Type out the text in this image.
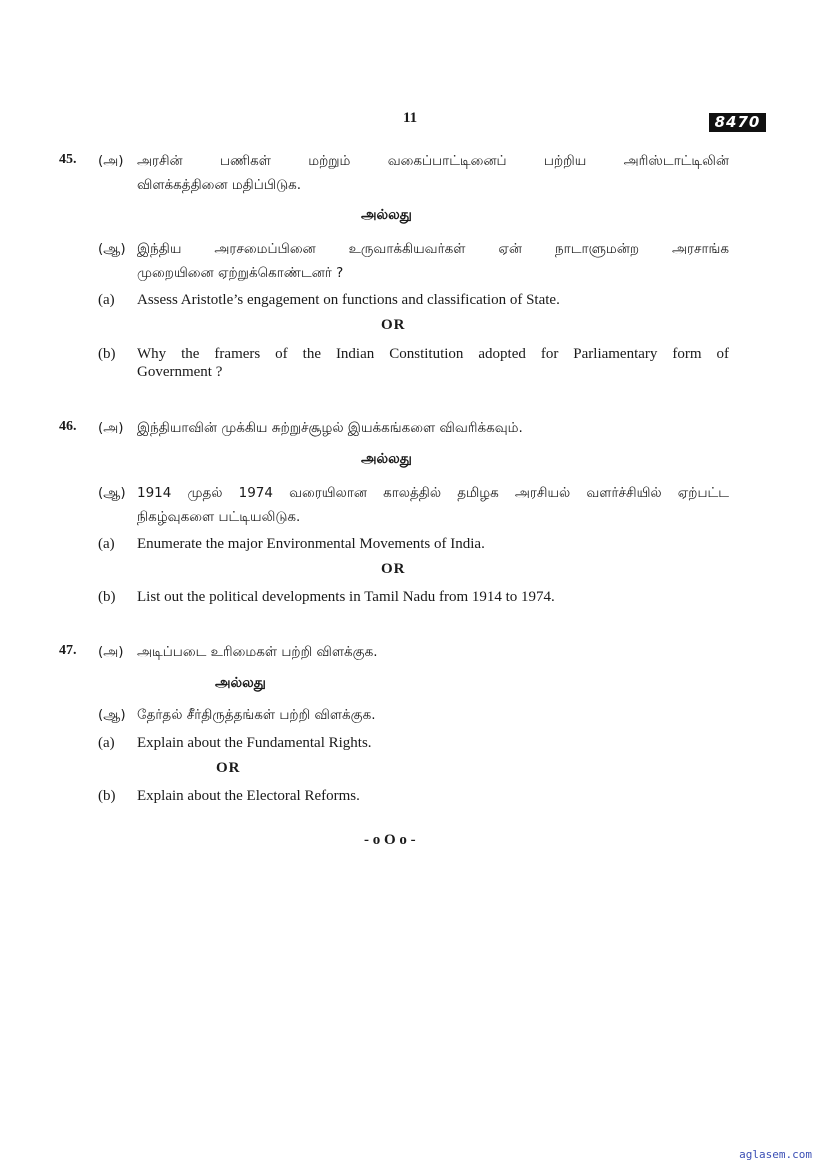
11	8470
45. (அ) அரசின் பணிகள் மற்றும் வகைப்பாட்டினைப் பற்றிய அரிஸ்டாட்டிலின்
விளக்கத்தினை மதிப்பிடுக.
அல்லது
(ஆ) இந்திய அரசமைப்பினை உருவாக்கியவர்கள் ஏன் நாடாளுமன்ற அரசாங்க
முறையினை ஏற்றுக்கொண்டனர் ?
(a) Assess Aristotle’s engagement on functions and classification of State.
OR
(b) Why the framers of the Indian Constitution adopted for Parliamentary form of
Government ?
46. (அ) இந்தியாவின் முக்கிய சுற்றுச்சூழல் இயக்கங்களை விவரிக்கவும்.
அல்லது
(ஆ) 1914 முதல் 1974 வரையிலான காலத்தில் தமிழக அரசியல் வளர்ச்சியில் ஏற்பட்ட
நிகழ்வுகளை பட்டியலிடுக.
(a) Enumerate the major Environmental Movements of India.
OR
(b) List out the political developments in Tamil Nadu from 1914 to 1974.
47. (அ) அடிப்படை உரிமைகள் பற்றி விளக்குக.
அல்லது
(ஆ) தேர்தல் சீர்திருத்தங்கள் பற்றி விளக்குக.
(a) Explain about the Fundamental Rights.
OR
(b) Explain about the Electoral Reforms.
- o O o -
aglasem.com
